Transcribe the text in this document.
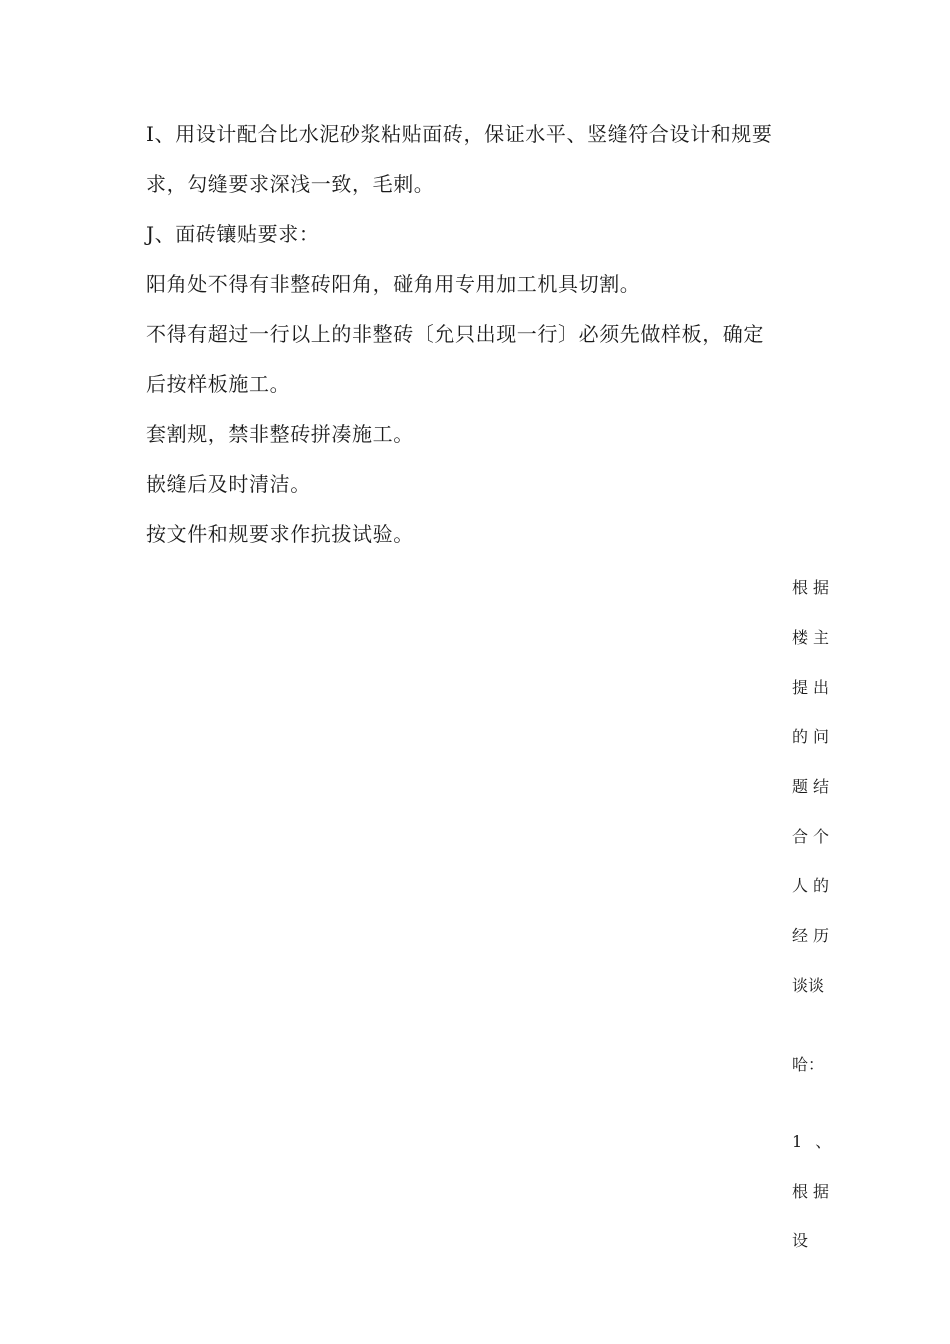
I、用设计配合比水泥砂浆粘贴面砖，保证水平、竖缝符合设计和规要
求，勾缝要求深浅一致，毛刺。
J、面砖镶贴要求：
阳角处不得有非整砖阳角，碰角用专用加工机具切割。
不得有超过一行以上的非整砖〔允只出现一行〕必须先做样板，确定
后按样板施工。
套割规，禁非整砖拼凑施工。
嵌缝后及时清洁。
按文件和规要求作抗拔试验。
根据
楼主
提出
的问
题结
合个
人的
经历
谈谈
哈：
1 、
根据
设
